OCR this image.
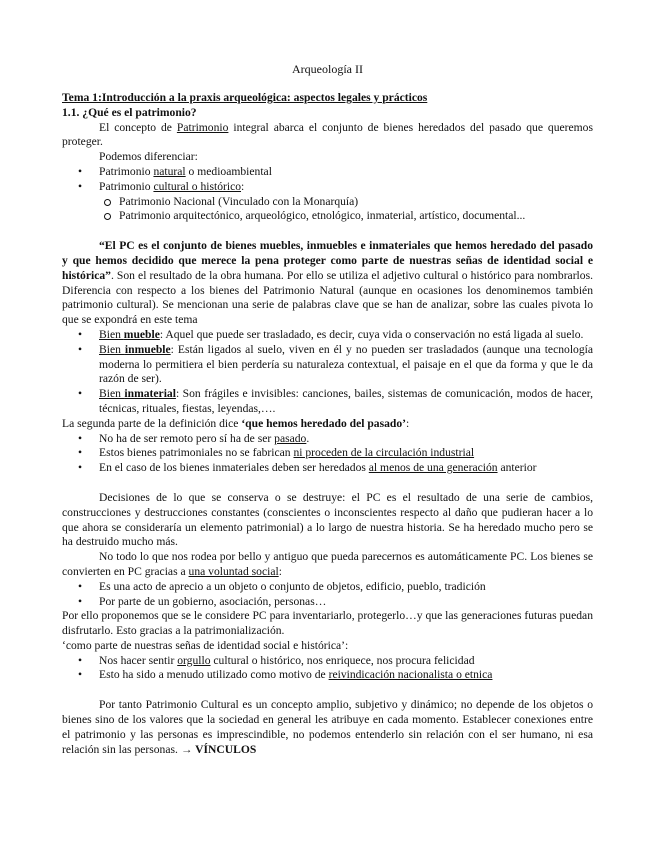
Arqueología II

Tema 1:Introducción a la praxis arqueológica: aspectos legales y prácticos

1.1. ¿Qué es el patrimonio?

El concepto de Patrimonio integral abarca el conjunto de bienes heredados del pasado que queremos proteger.

Podemos diferenciar:

• Patrimonio natural o medioambiental
• Patrimonio cultural o histórico:
Patrimonio Nacional (Vinculado con la Monarquía)
Patrimonio arquitectónico, arqueológico, etnológico, inmaterial, artístico, documental...

“El PC es el conjunto de bienes muebles, inmuebles e inmateriales que hemos heredado del pasado y que hemos decidido que merece la pena proteger como parte de nuestras señas de identidad social e histórica”. Son el resultado de la obra humana. Por ello se utiliza el adjetivo cultural o histórico para nombrarlos. Diferencia con respecto a los bienes del Patrimonio Natural (aunque en ocasiones los denominemos también patrimonio cultural). Se mencionan una serie de palabras clave que se han de analizar, sobre las cuales pivota lo que se expondrá en este tema

• Bien mueble: Aquel que puede ser trasladado, es decir, cuya vida o conservación no está ligada al suelo.
• Bien inmueble: Están ligados al suelo, viven en él y no pueden ser trasladados (aunque una tecnología moderna lo permitiera el bien perdería su naturaleza contextual, el paisaje en el que da forma y que le da razón de ser).
• Bien inmaterial: Son frágiles e invisibles: canciones, bailes, sistemas de comunicación, modos de hacer, técnicas, rituales, fiestas, leyendas,….

La segunda parte de la definición dice ‘que hemos heredado del pasado’:

• No ha de ser remoto pero sí ha de ser pasado.
• Estos bienes patrimoniales no se fabrican ni proceden de la circulación industrial
• En el caso de los bienes inmateriales deben ser heredados al menos de una generación anterior

Decisiones de lo que se conserva o se destruye: el PC es el resultado de una serie de cambios, construcciones y destrucciones constantes (conscientes o inconscientes respecto al daño que pudieran hacer a lo que ahora se consideraría un elemento patrimonial) a lo largo de nuestra historia. Se ha heredado mucho pero se ha destruido mucho más.

No todo lo que nos rodea por bello y antiguo que pueda parecernos es automáticamente PC. Los bienes se convierten en PC gracias a una voluntad social:

• Es una acto de aprecio a un objeto o conjunto de objetos, edificio, pueblo, tradición
• Por parte de un gobierno, asociación, personas…

Por ello proponemos que se le considere PC para inventariarlo, protegerlo…y que las generaciones futuras puedan disfrutarlo. Esto gracias a la patrimonialización.

‘como parte de nuestras señas de identidad social e histórica’:

• Nos hacer sentir orgullo cultural o histórico, nos enriquece, nos procura felicidad
• Esto ha sido a menudo utilizado como motivo de reivindicación nacionalista o etnica

Por tanto Patrimonio Cultural es un concepto amplio, subjetivo y dinámico; no depende de los objetos o bienes sino de los valores que la sociedad en general les atribuye en cada momento. Establecer conexiones entre el patrimonio y las personas es imprescindible, no podemos entenderlo sin relación con el ser humano, ni esa relación sin las personas. → VÍNCULOS
